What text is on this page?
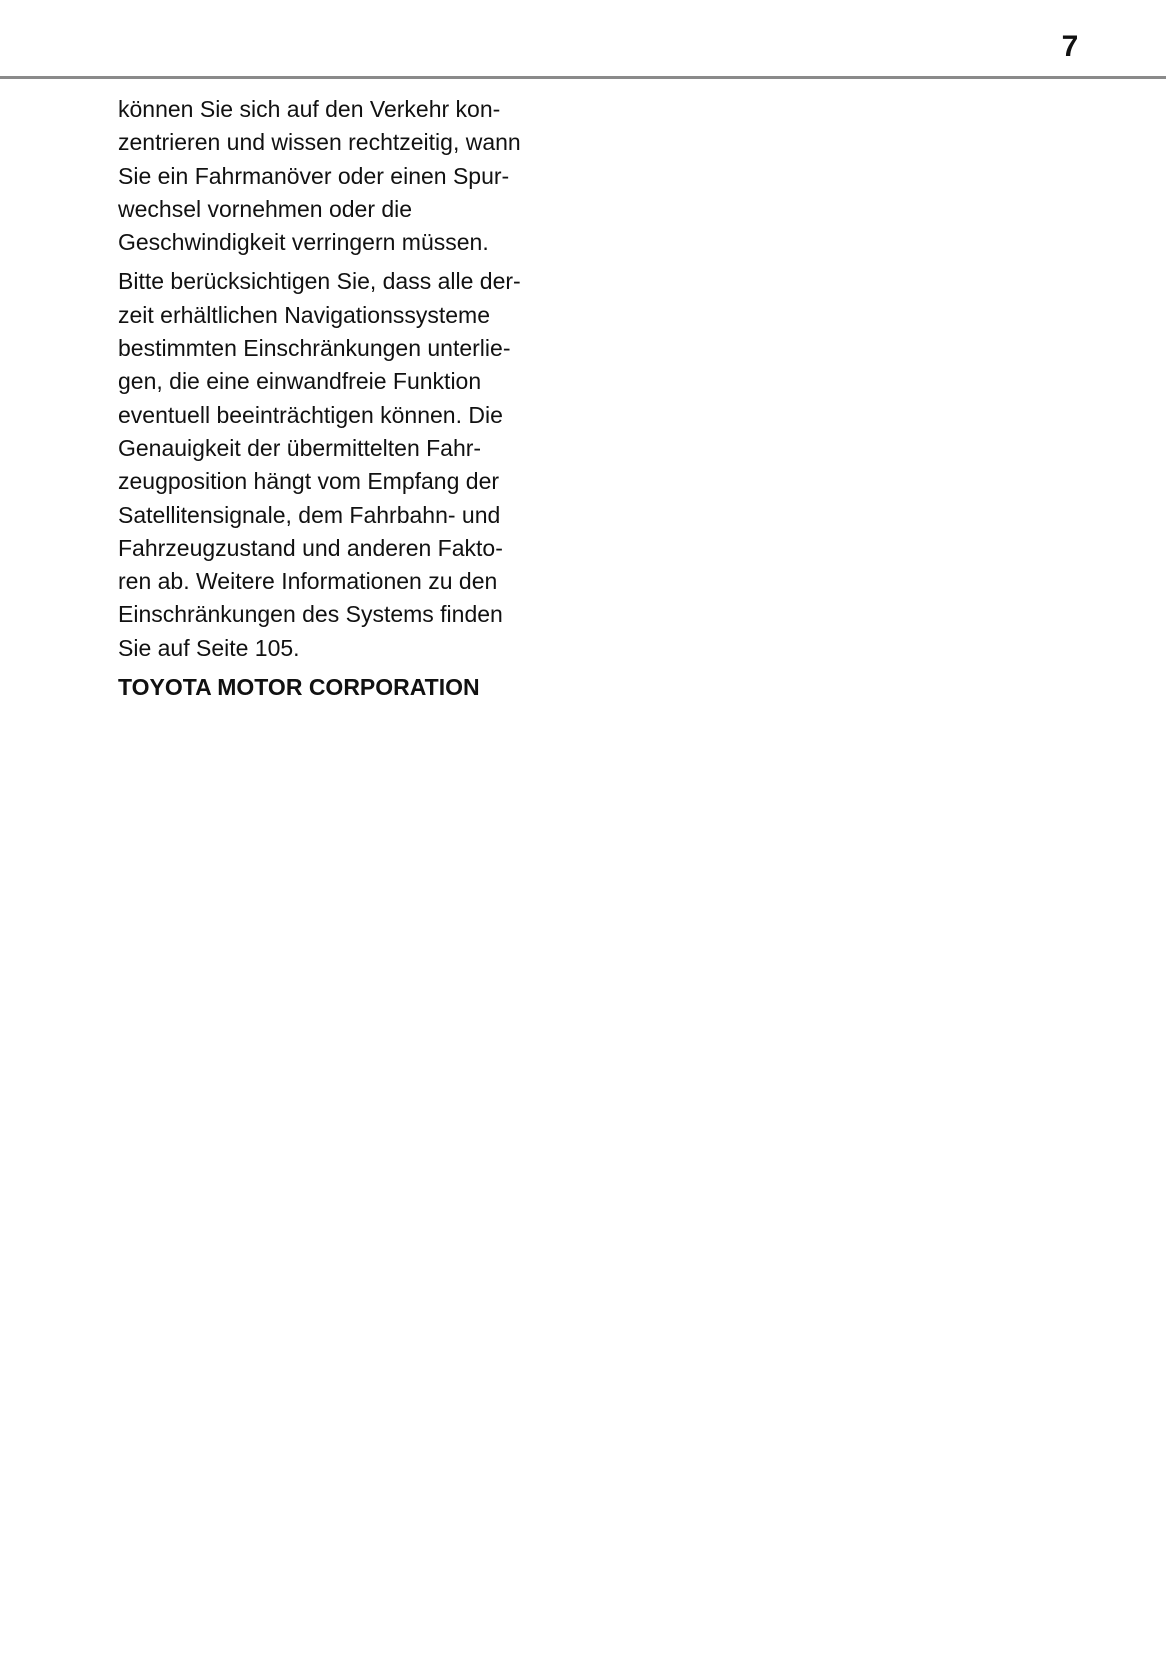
7

können Sie sich auf den Verkehr kon-
zentrieren und wissen rechtzeitig, wann
Sie ein Fahrmanöver oder einen Spur-
wechsel vornehmen oder die
Geschwindigkeit verringern müssen.

Bitte berücksichtigen Sie, dass alle der-
zeit erhältlichen Navigationssysteme
bestimmten Einschränkungen unterlie-
gen, die eine einwandfreie Funktion
eventuell beeinträchtigen können. Die
Genauigkeit der übermittelten Fahr-
zeugposition hängt vom Empfang der
Satellitensignale, dem Fahrbahn- und
Fahrzeugzustand und anderen Fakto-
ren ab. Weitere Informationen zu den
Einschränkungen des Systems finden
Sie auf Seite 105.

TOYOTA MOTOR CORPORATION
